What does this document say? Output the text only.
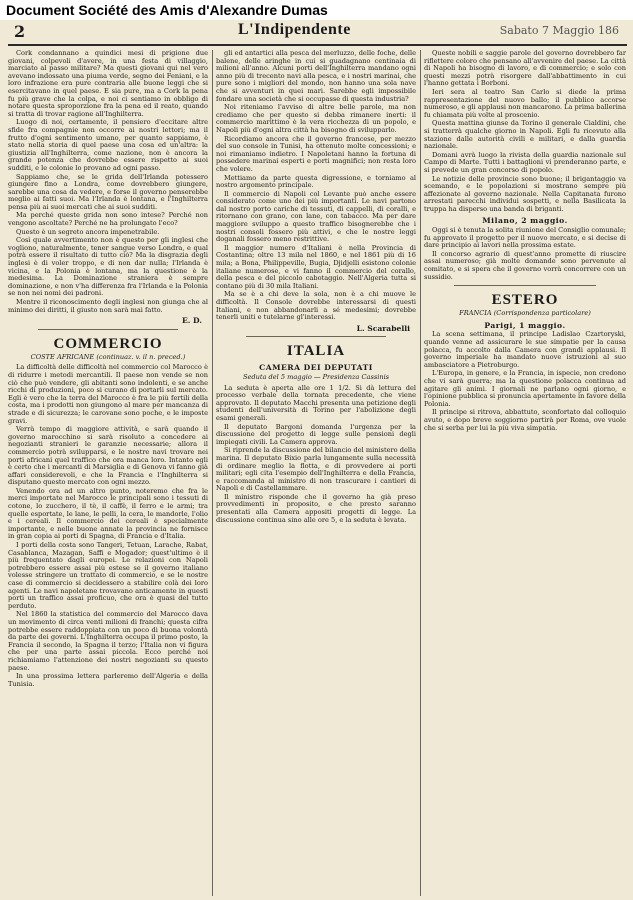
Document Société des Amis d'Alexandre Dumas
2	L'Indipendente	Sabato 7 Maggio 186

Cork condannano a quindici mesi di prigione due giovani, colpevoli d'avere, in una festa di villaggio, marciato al passo militare? Ma questi giovani qui nel vero avevano indossato una piuma verde, segno dei Feniani, e la loro infrazione era pure contraria alle buone leggi che si esercitavano in quel paese. E sia pure, ma a Cork la pena fu più grave che la colpa, e noi ci sentiamo in obbligo di notare questa sproporzione fra la pena ed il reato, quando si tratta di trovar ragione all'Inghilterra.

Luogo di noi, certamente, il pensiero d'eccitare altre sfide fra compagnie non occorre ai nostri lettori; ma il frutto d'ogni sentimento umano, per quanto sappiamo, è stato nella storia di quel paese una cosa ed un'altra: la giustizia all'Inghilterra, come nazione, non è ancora la grande potenza che dovrebbe essere rispetto ai suoi sudditi, e le colonie lo provano ad ogni passo.

Sappiamo che, se le grida dell'Irlanda potessero giungere fino a Londra, come dovrebbero giungere, sarebbe una cosa da vedere, e forse il governo penserebbe meglio ai fatti suoi. Ma l'Irlanda è lontana, e l'Inghilterra pensa più ai suoi mercati che ai suoi sudditi.

Ma perché queste grida non sono intese? Perché non vengono ascoltate? Perché ne ha prolungato l'eco?

Questo è un segreto ancora impenetrabile.

Così quale avvertimento non è questo per gli inglesi che vogliono, naturalmente, tener sangue verso Londra, e qual potrà essere il risultato di tutto ciò? Ma la disgrazia degli inglesi è di voler troppo, e di non dar nulla; l'Irlanda è vicina, e la Polonia è lontana, ma la questione è la medesima. La Dominazione straniera è sempre dominazione, e non v'ha differenza fra l'Irlanda e la Polonia se non nei nomi dei padroni.

Mentre il riconoscimento degli inglesi non giunga che al minimo dei diritti, il giusto non sarà mai fatto.

E. D.
COMMERCIO
COSTE AFRICANE (continuaz. v. il n. preced.)

La difficoltà delle difficoltà nel commercio col Marocco è di ridurre i metodi mercantili. Il paese non vende se non ciò che può vendere, gli abitanti sono indolenti, e se anche ricchi di produzioni, poco si curano di portarli sul mercato. Egli è vero che la terra del Marocco è fra le più fertili della costa, ma i prodotti non giungono al mare per mancanza di strade e di sicurezza; le carovane sono poche, e le imposte gravi.

Verrà tempo di maggiore attività, e sarà quando il governo marocchino si sarà risoluto a concedere ai negozianti stranieri le garanzie necessarie; allora il commercio potrà svilupparsi, e le nostre navi trovare nei porti africani quel traffico che ora manca loro. Intanto egli è certo che i mercanti di Marsiglia e di Genova vi fanno già affari considerevoli, e che la Francia e l'Inghilterra si disputano questo mercato con ogni mezzo.

Venendo ora ad un altro punto, noteremo che fra le merci importate nel Marocco le principali sono i tessuti di cotone, lo zucchero, il tè, il caffè, il ferro e le armi; tra quelle esportate, le lane, le pelli, la cera, le mandorle, l'olio e i cereali. Il commercio dei cereali è specialmente importante, e nelle buone annate la provincia ne fornisce in gran copia ai porti di Spagna, di Francia e d'Italia.

I porti della costa sono Tangeri, Tetuan, Larache, Rabat, Casablanca, Mazagan, Saffi e Mogador; quest'ultimo è il più frequentato dagli europei. Le relazioni con Napoli potrebbero essere assai più estese se il governo italiano volesse stringere un trattato di commercio, e se le nostre case di commercio si decidessero a stabilire colà dei loro agenti. Le navi napoletane trovavano anticamente in questi porti un traffico assai proficuo, che ora è quasi del tutto perduto.

Nel 1860 la statistica del commercio del Marocco dava un movimento di circa venti milioni di franchi; questa cifra potrebbe essere raddoppiata con un poco di buona volontà da parte dei governi. L'Inghilterra occupa il primo posto, la Francia il secondo, la Spagna il terzo; l'Italia non vi figura che per una parte assai piccola. Ecco perché noi richiamiamo l'attenzione dei nostri negozianti su questo paese.

In una prossima lettera parleremo dell'Algeria e della Tunisia.

gli ed antartici alla pesca del merluzzo, delle foche, delle balene, delle aringhe in cui si guadagnano centinaia di milioni all'anno. Alcuni porti dell'Inghilterra mandano ogni anno più di trecento navi alla pesca, e i nostri marinai, che pure sono i migliori del mondo, non hanno una sola nave che si avventuri in quei mari. Sarebbe egli impossibile fondare una società che si occupasse di questa industria?

Noi riteniamo l'avviso di altre belle parole, ma non crediamo che per questo si debba rimanere inerti: il commercio marittimo è la vera ricchezza di un popolo, e Napoli più d'ogni altra città ha bisogno di svilupparlo.

Ricordiamo ancora che il governo francese, per mezzo del suo console in Tunisi, ha ottenuto molte concessioni; e noi rimaniamo indietro. I Napoletani hanno la fortuna di possedere marinai esperti e porti magnifici; non resta loro che volere.

Mettiamo da parte questa digressione, e torniamo al nostro argomento principale.

Il commercio di Napoli col Levante può anche essere considerato come uno dei più importanti. Le navi partono dal nostro porto cariche di tessuti, di cappelli, di coralli, e ritornano con grano, con lane, con tabacco. Ma per dare maggiore sviluppo a questo traffico bisognerebbe che i nostri consoli fossero più attivi, e che le nostre leggi doganali fossero meno restrittive.

Il maggior numero d'Italiani è nella Provincia di Costantina; oltre 13 mila nel 1860, e nel 1861 più di 16 mila; a Bona, Philippeville, Bugia, Djidjelli esistono colonie italiane numerose, e vi fanno il commercio del corallo, della pesca e del piccolo cabotaggio. Nell'Algeria tutta si contano più di 30 mila Italiani.

Ma se è a chi deve la sola, non è a chi muove le difficoltà. Il Console dovrebbe interessarsi di questi Italiani, e non abbandonarli a sé medesimi; dovrebbe tenerli uniti e tutelarne gl'interessi.

L. Scarabelli
ITALIA
CAMERA DEI DEPUTATI
Seduta del 5 maggio — Presidenza Cassinis

La seduta è aperta alle ore 1 1/2. Si dà lettura del processo verbale della tornata precedente, che viene approvato. Il deputato Macchi presenta una petizione degli studenti dell'università di Torino per l'abolizione degli esami generali.

Il deputato Bargoni domanda l'urgenza per la discussione del progetto di legge sulle pensioni degli impiegati civili. La Camera approva.

Si riprende la discussione del bilancio del ministero della marina. Il deputato Bixio parla lungamente sulla necessità di ordinare meglio la flotta, e di provvedere ai porti militari; egli cita l'esempio dell'Inghilterra e della Francia, e raccomanda al ministro di non trascurare i cantieri di Napoli e di Castellammare.

Il ministro risponde che il governo ha già preso provvedimenti in proposito, e che presto saranno presentati alla Camera appositi progetti di legge. La discussione continua sino alle ore 5, e la seduta è levata.

Queste nobili e saggie parole del governo dovrebbero far riflettere coloro che pensano all'avvenire del paese. La città di Napoli ha bisogno di lavoro, e di commercio; e solo con questi mezzi potrà risorgere dall'abbattimento in cui l'hanno gettata i Borboni.

Ieri sera al teatro San Carlo si diede la prima rappresentazione del nuovo ballo; il pubblico accorse numeroso, e gli applausi non mancarono. La prima ballerina fu chiamata più volte al proscenio.

Questa mattina giunse da Torino il generale Cialdini, che si tratterrà qualche giorno in Napoli. Egli fu ricevuto alla stazione dalle autorità civili e militari, e dalla guardia nazionale.

Domani avrà luogo la rivista della guardia nazionale sul Campo di Marte. Tutti i battaglioni vi prenderanno parte, e si prevede un gran concorso di popolo.

Le notizie delle provincie sono buone; il brigantaggio va scemando, e le popolazioni si mostrano sempre più affezionate al governo nazionale. Nella Capitanata furono arrestati parecchi individui sospetti, e nella Basilicata la truppa ha disperso una banda di briganti.

Milano, 2 maggio.

Oggi si è tenuta la solita riunione del Consiglio comunale; fu approvato il progetto per il nuovo mercato, e si decise di dare principio ai lavori nella prossima estate.

Il concorso agrario di quest'anno promette di riuscire assai numeroso; già molte domande sono pervenute al comitato, e si spera che il governo vorrà concorrere con un sussidio.

ESTERO
FRANCIA (Corrispondenza particolare)
Parigi, 1 maggio.

La scena settimana, il principe Ladislao Czartoryski, quando venne ad assicurare le sue simpatie per la causa polacca, fu accolto dalla Camera con grandi applausi. Il governo imperiale ha mandato nuove istruzioni al suo ambasciatore a Pietroburgo.

L'Europa, in genere, e la Francia, in ispecie, non credono che vi sarà guerra; ma la questione polacca continua ad agitare gli animi. I giornali ne parlano ogni giorno, e l'opinione pubblica si pronuncia apertamente in favore della Polonia.

Il principe si ritrova, abbattuto, sconfortato dal colloquio avuto, e dopo breve soggiorno partirà per Roma, ove vuole che si serba per lui la più viva simpatia.
